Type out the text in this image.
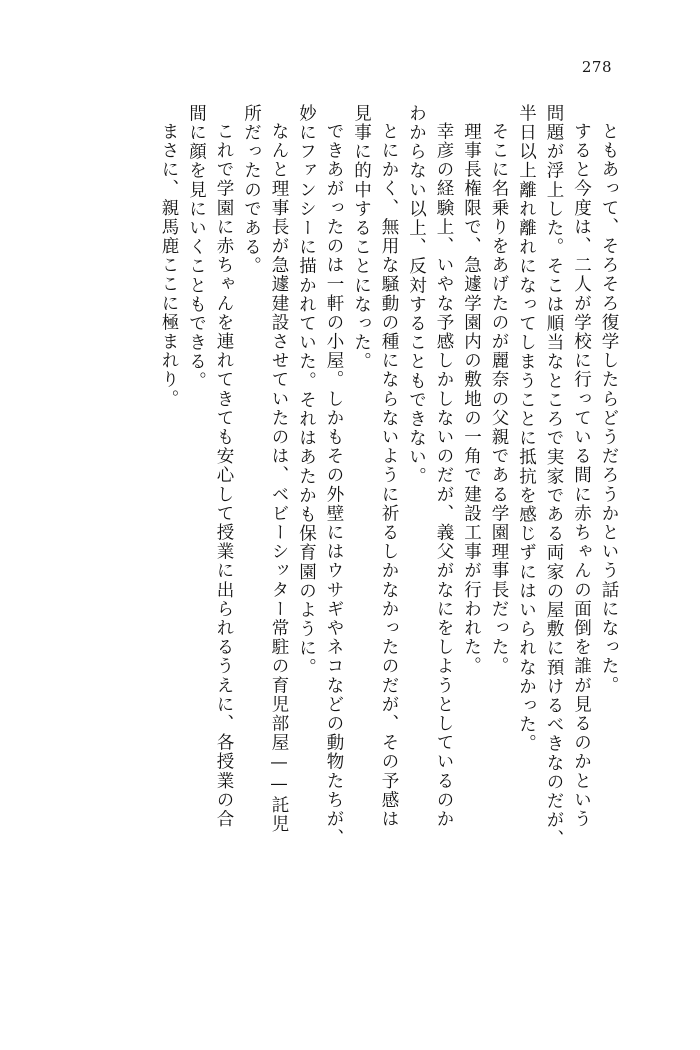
278
ともあって、そろそろ復学したらどうだろうかという話になった。
すると今度は、二人が学校に行っている間に赤ちゃんの面倒を誰が見るのかという
問題が浮上した。そこは順当なところで実家である両家の屋敷に預けるべきなのだが、
半日以上離れ離れになってしまうことに抵抗を感じずにはいられなかった。
そこに名乗りをあげたのが麗奈の父親である学園理事長だった。
理事長権限で、急遽学園内の敷地の一角で建設工事が行われた。
幸彦の経験上、いやな予感しかしないのだが、義父がなにをしようとしているのか
わからない以上、反対することもできない。
とにかく、無用な騒動の種にならないように祈るしかなかったのだが、その予感は
見事に的中することになった。
できあがったのは一軒の小屋。しかもその外壁にはウサギやネコなどの動物たちが、
妙にファンシーに描かれていた。それはあたかも保育園のように。
なんと理事長が急遽建設させていたのは、ベビーシッター常駐の育児部屋——託児
所だったのである。
これで学園に赤ちゃんを連れてきても安心して授業に出られるうえに、各授業の合
間に顔を見にいくこともできる。
まさに、親馬鹿ここに極まれり。
